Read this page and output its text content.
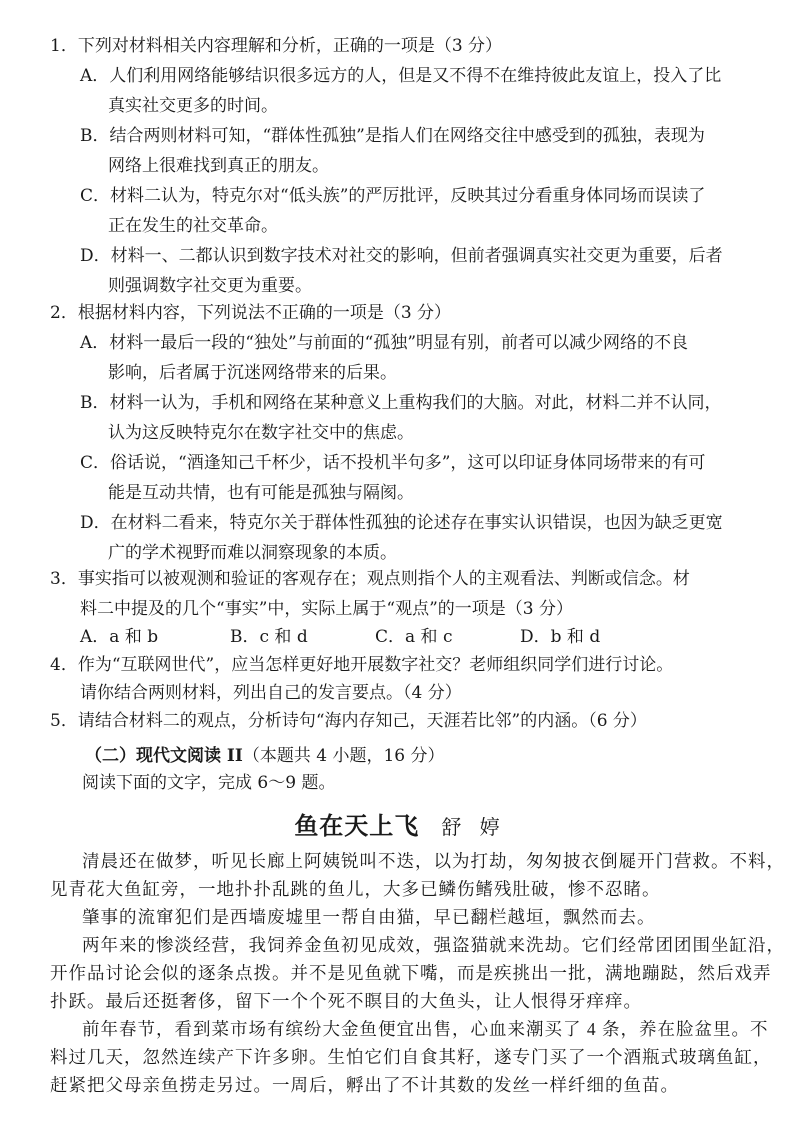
1．下列对材料相关内容理解和分析，正确的一项是（3 分）
A．人们利用网络能够结识很多远方的人，但是又不得不在维持彼此友谊上，投入了比
真实社交更多的时间。
B．结合两则材料可知，“群体性孤独”是指人们在网络交往中感受到的孤独，表现为
网络上很难找到真正的朋友。
C．材料二认为，特克尔对“低头族”的严厉批评，反映其过分看重身体同场而误读了
正在发生的社交革命。
D．材料一、二都认识到数字技术对社交的影响，但前者强调真实社交更为重要，后者
则强调数字社交更为重要。
2．根据材料内容，下列说法不正确的一项是（3 分）
A．材料一最后一段的“独处”与前面的“孤独”明显有别，前者可以减少网络的不良
影响，后者属于沉迷网络带来的后果。
B．材料一认为，手机和网络在某种意义上重构我们的大脑。对此，材料二并不认同，
认为这反映特克尔在数字社交中的焦虑。
C．俗话说，“酒逢知己千杯少，话不投机半句多”，这可以印证身体同场带来的有可
能是互动共情，也有可能是孤独与隔阂。
D．在材料二看来，特克尔关于群体性孤独的论述存在事实认识错误，也因为缺乏更宽
广的学术视野而难以洞察现象的本质。
3．事实指可以被观测和验证的客观存在；观点则指个人的主观看法、判断或信念。材
料二中提及的几个“事实”中，实际上属于“观点”的一项是（3 分）
A．a 和 b	B．c 和 d	C．a 和 c	D．b 和 d
4．作为“互联网世代”，应当怎样更好地开展数字社交？老师组织同学们进行讨论。
请你结合两则材料，列出自己的发言要点。（4 分）
5．请结合材料二的观点，分析诗句“海内存知己，天涯若比邻”的内涵。（6 分）
（二）现代文阅读 II（本题共 4 小题，16 分）
阅读下面的文字，完成 6～9 题。
鱼在天上飞 舒 婷
清晨还在做梦，听见长廊上阿姨锐叫不迭，以为打劫，匆匆披衣倒屣开门营救。不料，
见青花大鱼缸旁，一地扑扑乱跳的鱼儿，大多已鳞伤鳍残肚破，惨不忍睹。
肇事的流窜犯们是西墙废墟里一帮自由猫，早已翻栏越垣，飘然而去。
两年来的惨淡经营，我饲养金鱼初见成效，强盗猫就来洗劫。它们经常团团围坐缸沿，
开作品讨论会似的逐条点拨。并不是见鱼就下嘴，而是疾挑出一批，满地蹦跶，然后戏弄
扑跃。最后还挺奢侈，留下一个个死不瞑目的大鱼头，让人恨得牙痒痒。
前年春节，看到菜市场有缤纷大金鱼便宜出售，心血来潮买了 4 条，养在脸盆里。不
料过几天，忽然连续产下许多卵。生怕它们自食其籽，遂专门买了一个酒瓶式玻璃鱼缸，
赶紧把父母亲鱼捞走另过。一周后，孵出了不计其数的发丝一样纤细的鱼苗。
